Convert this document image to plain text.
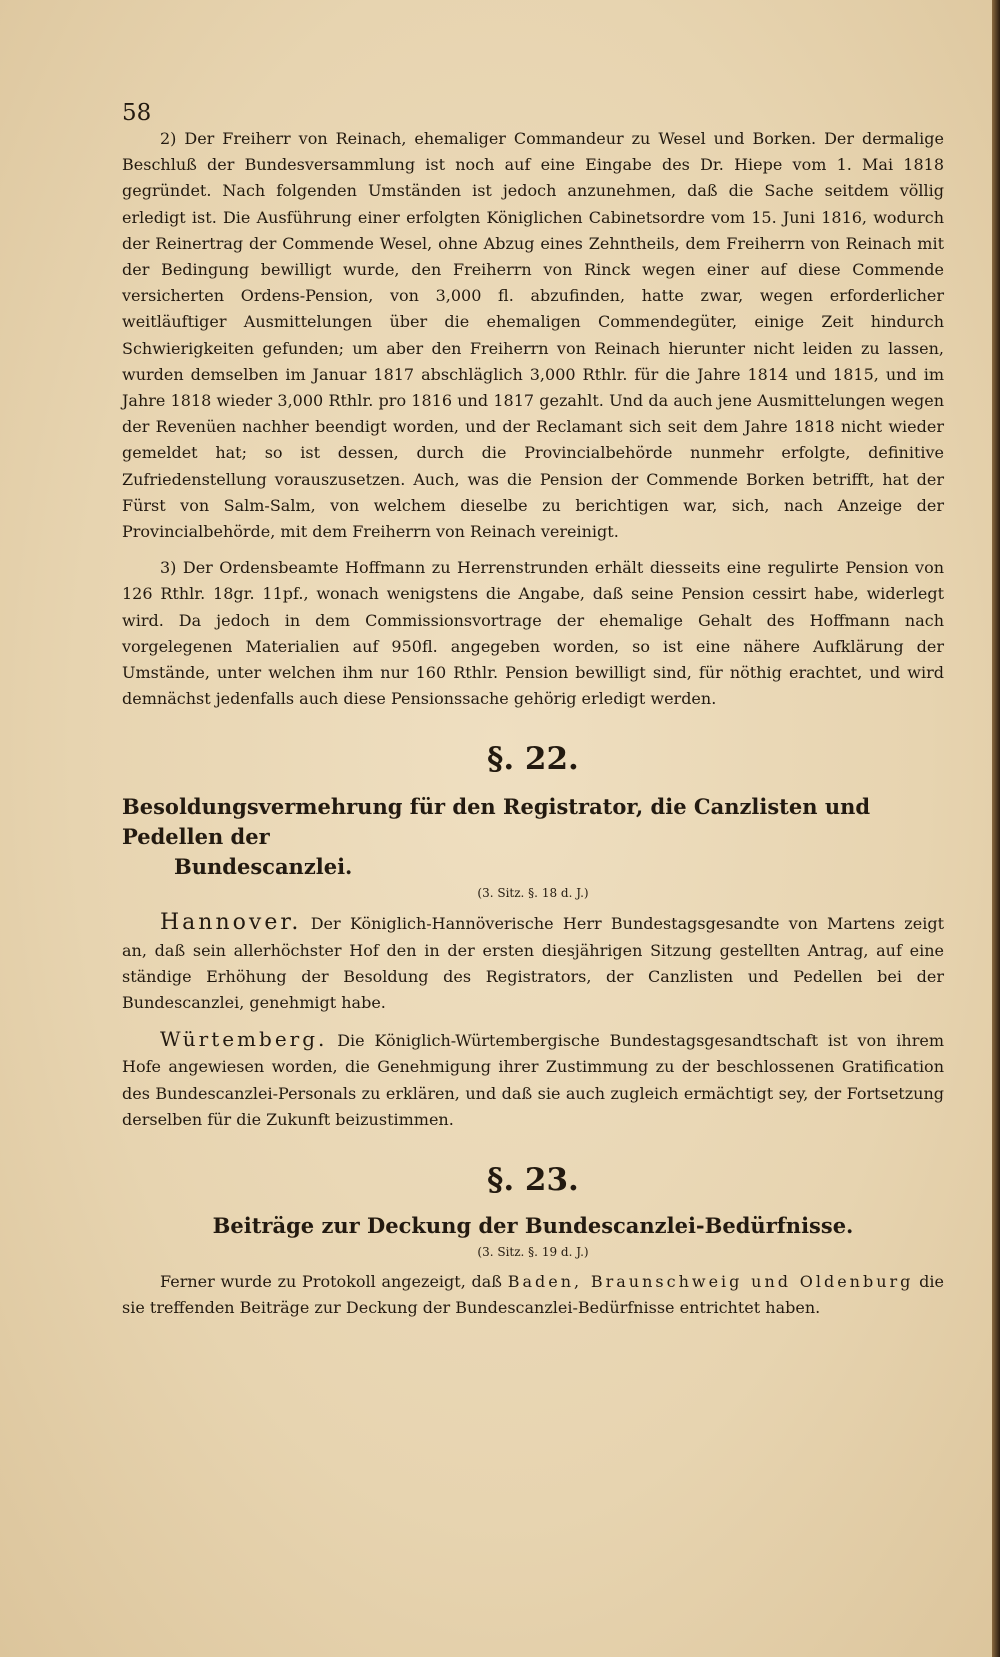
58

2) Der Freiherr von Reinach, ehemaliger Commandeur zu Wesel und Borken. Der dermalige Beschluß der Bundesversammlung ist noch auf eine Eingabe des Dr. Hiepe vom 1. Mai 1818 gegründet. Nach folgenden Umständen ist jedoch anzunehmen, daß die Sache seitdem völlig erledigt ist. Die Ausführung einer erfolgten Königlichen Cabinetsordre vom 15. Juni 1816, wodurch der Reinertrag der Commende Wesel, ohne Abzug eines Zehntheils, dem Freiherrn von Reinach mit der Bedingung bewilligt wurde, den Freiherrn von Rinck wegen einer auf diese Commende versicherten Ordens-Pension, von 3,000 fl. abzufinden, hatte zwar, wegen erforderlicher weitläuftiger Ausmittelungen über die ehemaligen Commendegüter, einige Zeit hindurch Schwierigkeiten gefunden; um aber den Freiherrn von Reinach hierunter nicht leiden zu lassen, wurden demselben im Januar 1817 abschläglich 3,000 Rthlr. für die Jahre 1814 und 1815, und im Jahre 1818 wieder 3,000 Rthlr. pro 1816 und 1817 gezahlt. Und da auch jene Ausmittelungen wegen der Revenüen nachher beendigt worden, und der Reclamant sich seit dem Jahre 1818 nicht wieder gemeldet hat; so ist dessen, durch die Provincialbehörde nunmehr erfolgte, definitive Zufriedenstellung vorauszusetzen. Auch, was die Pension der Commende Borken betrifft, hat der Fürst von Salm-Salm, von welchem dieselbe zu berichtigen war, sich, nach Anzeige der Provincialbehörde, mit dem Freiherrn von Reinach vereinigt.

3) Der Ordensbeamte Hoffmann zu Herrenstrunden erhält diesseits eine regulirte Pension von 126 Rthlr. 18gr. 11pf., wonach wenigstens die Angabe, daß seine Pension cessirt habe, widerlegt wird. Da jedoch in dem Commissionsvortrage der ehemalige Gehalt des Hoffmann nach vorgelegenen Materialien auf 950fl. angegeben worden, so ist eine nähere Aufklärung der Umstände, unter welchen ihm nur 160 Rthlr. Pension bewilligt sind, für nöthig erachtet, und wird demnächst jedenfalls auch diese Pensionssache gehörig erledigt werden.

§. 22.
Besoldungsvermehrung für den Registrator, die Canzlisten und Pedellen der
Bundescanzlei.
(3. Sitz. §. 18 d. J.)

Hannover. Der Königlich-Hannöverische Herr Bundestagsgesandte von Martens zeigt an, daß sein allerhöchster Hof den in der ersten diesjährigen Sitzung gestellten Antrag, auf eine ständige Erhöhung der Besoldung des Registrators, der Canzlisten und Pedellen bei der Bundescanzlei, genehmigt habe.

Würtemberg. Die Königlich-Würtembergische Bundestagsgesandtschaft ist von ihrem Hofe angewiesen worden, die Genehmigung ihrer Zustimmung zu der beschlossenen Gratification des Bundescanzlei-Personals zu erklären, und daß sie auch zugleich ermächtigt sey, der Fortsetzung derselben für die Zukunft beizustimmen.

§. 23.
Beiträge zur Deckung der Bundescanzlei-Bedürfnisse.
(3. Sitz. §. 19 d. J.)

Ferner wurde zu Protokoll angezeigt, daß Baden, Braunschweig und Oldenburg die sie treffenden Beiträge zur Deckung der Bundescanzlei-Bedürfnisse entrichtet haben.
